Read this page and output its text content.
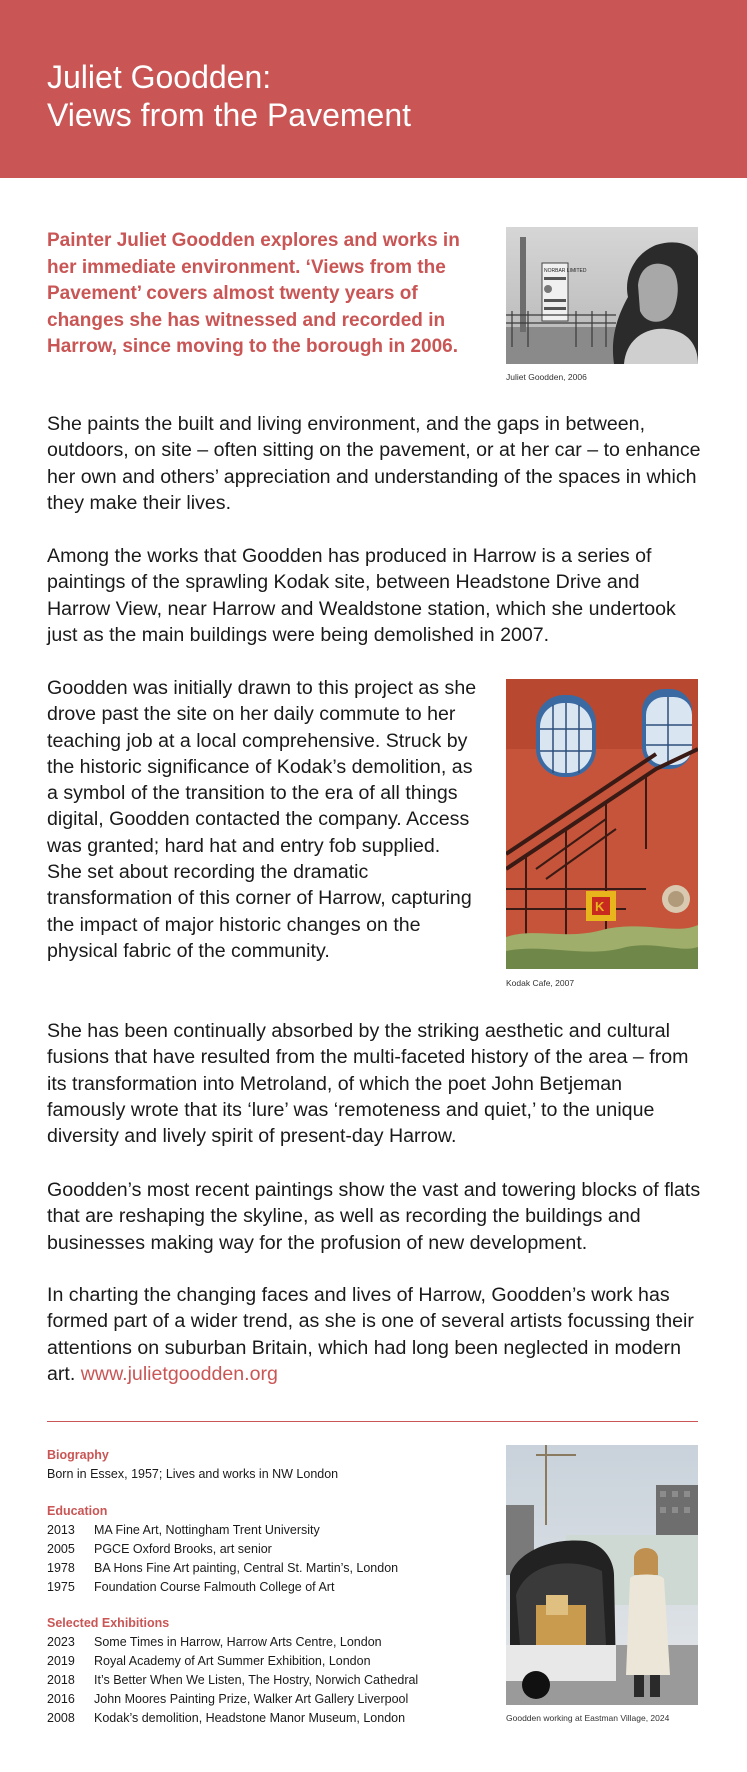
Juliet Goodden:
Views from the Pavement

Painter Juliet Goodden explores and works in her immediate environment. ‘Views from the Pavement’ covers almost twenty years of changes she has witnessed and recorded in Harrow, since moving to the borough in 2006.

NORBAR LIMITED
Juliet Goodden, 2006

She paints the built and living environment, and the gaps in between, outdoors, on site – often sitting on the pavement, or at her car – to enhance her own and others’ appreciation and understanding of the spaces in which they make their lives.

Among the works that Goodden has produced in Harrow is a series of paintings of the sprawling Kodak site, between Headstone Drive and Harrow View, near Harrow and Wealdstone station, which she undertook just as the main buildings were being demolished in 2007.

Goodden was initially drawn to this project as she drove past the site on her daily commute to her teaching job at a local comprehensive. Struck by the historic significance of Kodak’s demolition, as a symbol of the transition to the era of all things digital, Goodden contacted the company. Access was granted; hard hat and entry fob supplied. She set about recording the dramatic transformation of this corner of Harrow, capturing the impact of major historic changes on the physical fabric of the community.

K
Kodak Cafe, 2007

She has been continually absorbed by the striking aesthetic and cultural fusions that have resulted from the multi-faceted history of the area – from its transformation into Metroland, of which the poet John Betjeman famously wrote that its ‘lure’ was ‘remoteness and quiet,’ to the unique diversity and lively spirit of present-day Harrow.

Goodden’s most recent paintings show the vast and towering blocks of flats that are reshaping the skyline, as well as recording the buildings and businesses making way for the profusion of new development.

In charting the changing faces and lives of Harrow, Goodden’s work has formed part of a wider trend, as she is one of several artists focussing their attentions on suburban Britain, which had long been neglected in modern art. www.julietgoodden.org

Biography

Born in Essex, 1957; Lives and works in NW London

Education

2013 MA Fine Art, Nottingham Trent University
2005 PGCE Oxford Brooks, art senior
1978 BA Hons Fine Art painting, Central St. Martin’s, London
1975 Foundation Course Falmouth College of Art

Selected Exhibitions

2023 Some Times in Harrow, Harrow Arts Centre, London
2019 Royal Academy of Art Summer Exhibition, London
2018 It’s Better When We Listen, The Hostry, Norwich Cathedral
2016 John Moores Painting Prize, Walker Art Gallery Liverpool
2008 Kodak’s demolition, Headstone Manor Museum, London	Goodden working at Eastman Village, 2024
